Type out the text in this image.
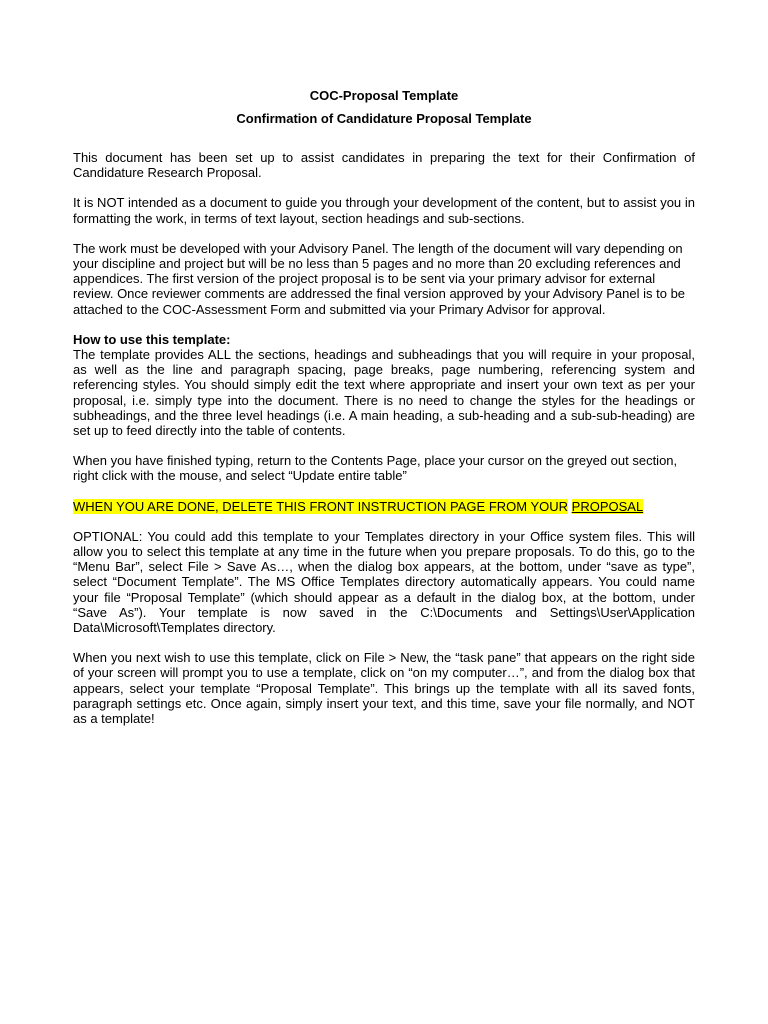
COC-Proposal Template
Confirmation of Candidature Proposal Template

This document has been set up to assist candidates in preparing the text for their Confirmation of Candidature Research Proposal.

It is NOT intended as a document to guide you through your development of the content, but to assist you in formatting the work, in terms of text layout, section headings and sub-sections.

The work must be developed with your Advisory Panel. The length of the document will vary depending on your discipline and project but will be no less than 5 pages and no more than 20 excluding references and appendices. The first version of the project proposal is to be sent via your primary advisor for external review. Once reviewer comments are addressed the final version approved by your Advisory Panel is to be attached to the COC-Assessment Form and submitted via your Primary Advisor for approval.

How to use this template:

The template provides ALL the sections, headings and subheadings that you will require in your proposal, as well as the line and paragraph spacing, page breaks, page numbering, referencing system and referencing styles. You should simply edit the text where appropriate and insert your own text as per your proposal, i.e. simply type into the document. There is no need to change the styles for the headings or subheadings, and the three level headings (i.e. A main heading, a sub-heading and a sub-sub-heading) are set up to feed directly into the table of contents.

When you have finished typing, return to the Contents Page, place your cursor on the greyed out section, right click with the mouse, and select “Update entire table”

WHEN YOU ARE DONE, DELETE THIS FRONT INSTRUCTION PAGE FROM YOUR PROPOSAL

OPTIONAL: You could add this template to your Templates directory in your Office system files. This will allow you to select this template at any time in the future when you prepare proposals. To do this, go to the “Menu Bar”, select File > Save As…, when the dialog box appears, at the bottom, under “save as type”, select “Document Template”. The MS Office Templates directory automatically appears. You could name your file “Proposal Template” (which should appear as a default in the dialog box, at the bottom, under “Save As”). Your template is now saved in the C:\Documents and Settings\User\Application Data\Microsoft\Templates directory.

When you next wish to use this template, click on File > New, the “task pane” that appears on the right side of your screen will prompt you to use a template, click on “on my computer…”, and from the dialog box that appears, select your template “Proposal Template”. This brings up the template with all its saved fonts, paragraph settings etc. Once again, simply insert your text, and this time, save your file normally, and NOT as a template!
